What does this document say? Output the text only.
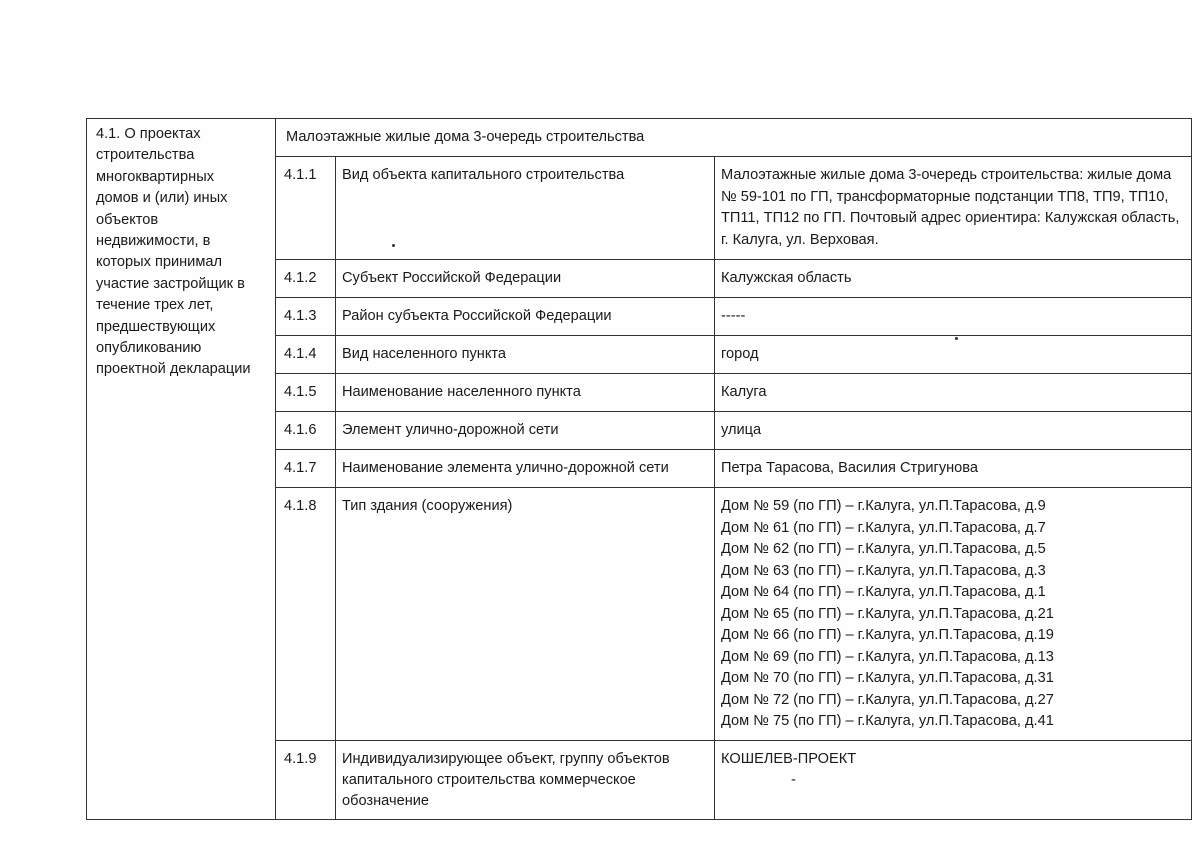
4.1. О проектах
строительства
многоквартирных
домов и (или) иных
объектов
недвижимости, в
которых принимал
участие застройщик в
течение трех лет,
предшествующих
опубликованию
проектной декларации
	Малоэтажные жилые дома 3-очередь строительства
	4.1.1	Вид объекта капитального строительства	Малоэтажные жилые дома 3-очередь строительства: жилые дома № 59-101 по ГП, трансформаторные подстанции ТП8, ТП9, ТП10, ТП11, ТП12 по ГП. Почтовый адрес ориентира: Калужская область, г. Калуга, ул. Верховая.
	4.1.2	Субъект Российской Федерации	Калужская область
	4.1.3	Район субъекта Российской Федерации	-----
	4.1.4	Вид населенного пункта	город
	4.1.5	Наименование населенного пункта	Калуга
	4.1.6	Элемент улично-дорожной сети	улица
	4.1.7	Наименование элемента улично-дорожной сети	Петра Тарасова, Василия Стригунова
4.1.8	Тип здания (сооружения)	Дом № 59 (по ГП) – г.Калуга, ул.П.Тарасова, д.9
Дом № 61 (по ГП) – г.Калуга, ул.П.Тарасова, д.7
Дом № 62 (по ГП) – г.Калуга, ул.П.Тарасова, д.5
Дом № 63 (по ГП) – г.Калуга, ул.П.Тарасова, д.3
Дом № 64 (по ГП) – г.Калуга, ул.П.Тарасова, д.1
Дом № 65 (по ГП) – г.Калуга, ул.П.Тарасова, д.21
Дом № 66 (по ГП) – г.Калуга, ул.П.Тарасова, д.19
Дом № 69 (по ГП) – г.Калуга, ул.П.Тарасова, д.13
Дом № 70 (по ГП) – г.Калуга, ул.П.Тарасова, д.31
Дом № 72 (по ГП) – г.Калуга, ул.П.Тарасова, д.27
Дом № 75 (по ГП) – г.Калуга, ул.П.Тарасова, д.41

	4.1.9	Индивидуализирующее объект, группу объектов капитального строительства коммерческое обозначение	КОШЕЛЕВ-ПРОЕКТ
-
